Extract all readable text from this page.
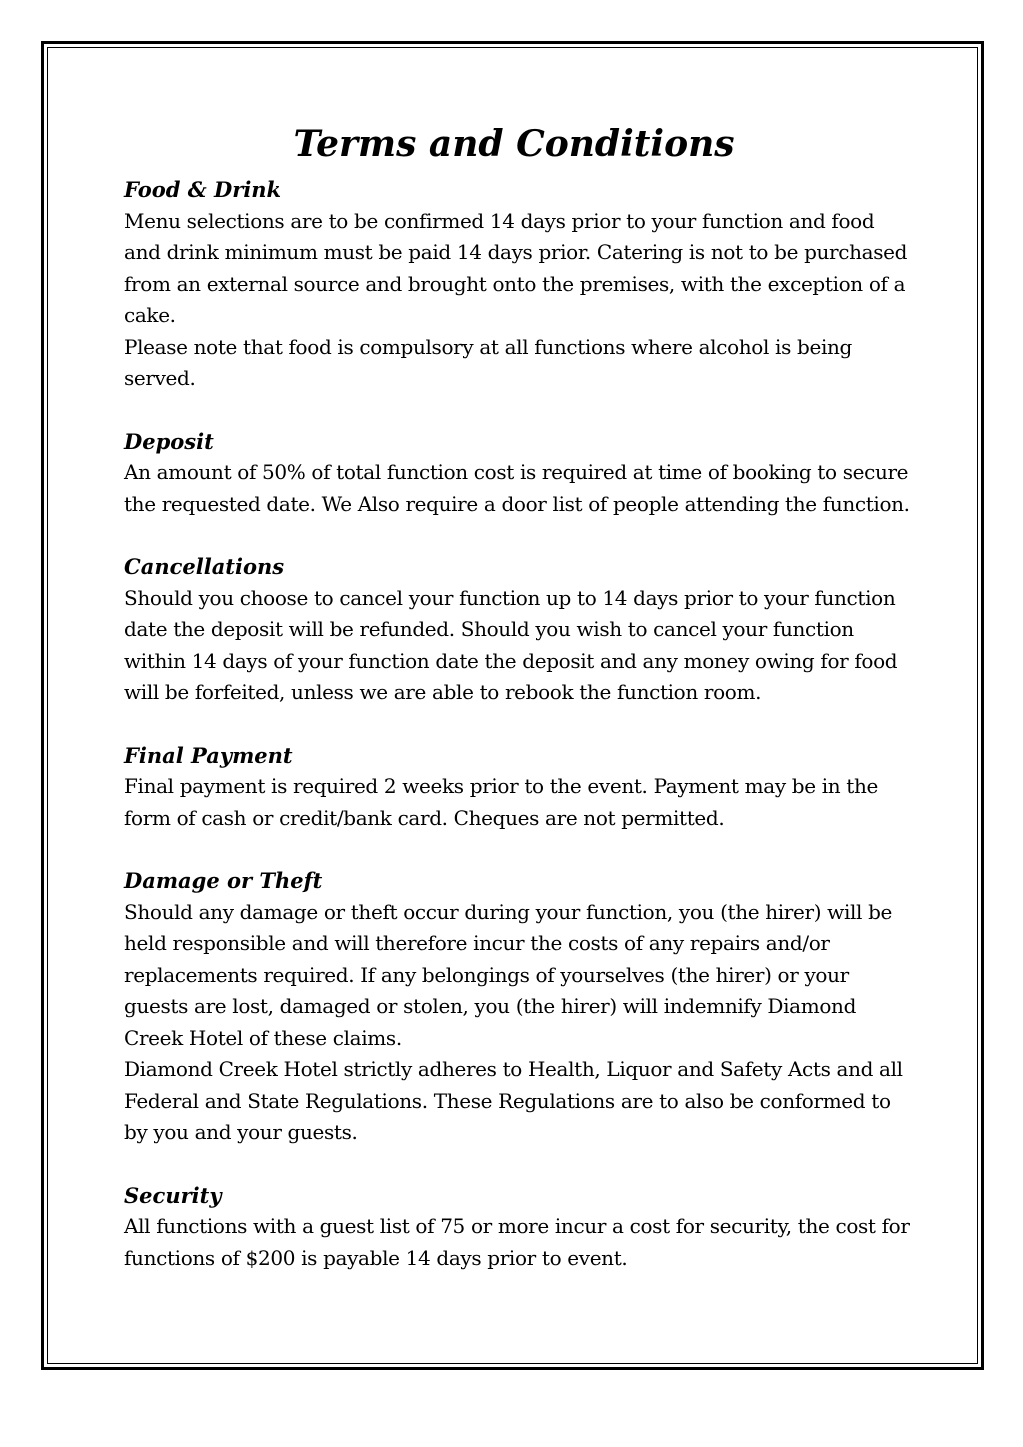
Terms and Conditions
Food & Drink

Menu selections are to be confirmed 14 days prior to your function and food and drink minimum must be paid 14 days prior. Catering is not to be purchased from an external source and brought onto the premises, with the exception of a cake.

Please note that food is compulsory at all functions where alcohol is being served.

Deposit

An amount of 50% of total function cost is required at time of booking to secure the requested date. We Also require a door list of people attending the function.

Cancellations

Should you choose to cancel your function up to 14 days prior to your function date the deposit will be refunded. Should you wish to cancel your function within 14 days of your function date the deposit and any money owing for food will be forfeited, unless we are able to rebook the function room.

Final Payment

Final payment is required 2 weeks prior to the event. Payment may be in the form of cash or credit/bank card. Cheques are not permitted.

Damage or Theft

Should any damage or theft occur during your function, you (the hirer) will be held responsible and will therefore incur the costs of any repairs and/or replacements required. If any belongings of yourselves (the hirer) or your guests are lost, damaged or stolen, you (the hirer) will indemnify Diamond Creek Hotel of these claims.

Diamond Creek Hotel strictly adheres to Health, Liquor and Safety Acts and all Federal and State Regulations. These Regulations are to also be conformed to by you and your guests.

Security

All functions with a guest list of 75 or more incur a cost for security, the cost for functions of $200 is payable 14 days prior to event.
